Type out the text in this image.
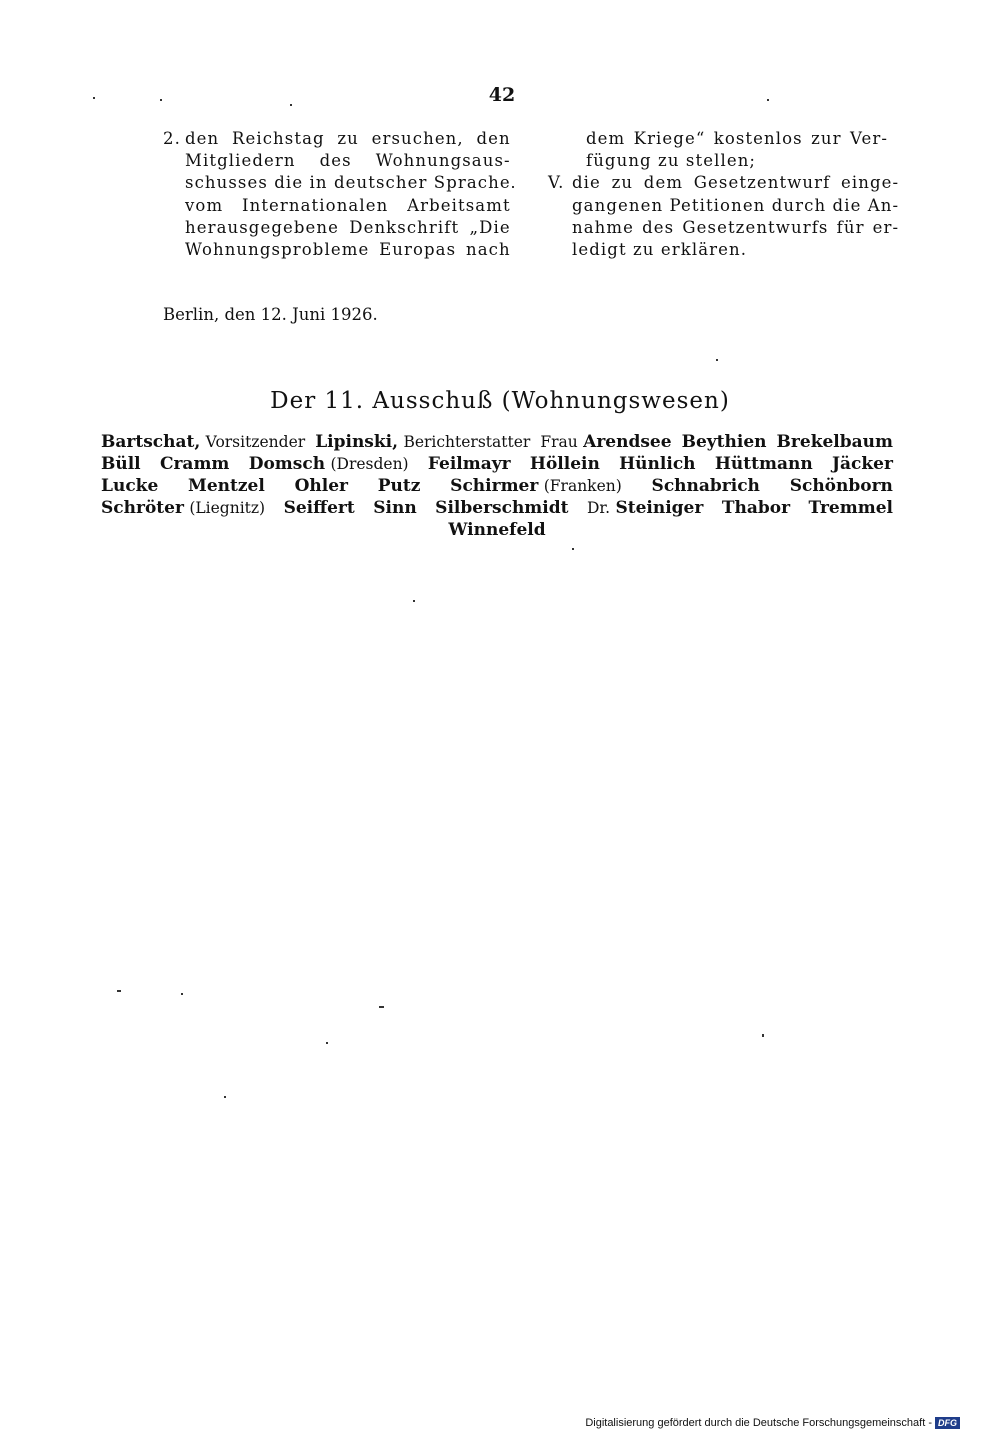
42
2. den Reichstag zu ersuchen, den
Mitgliedern des Wohnungsaus-
schusses die in deutscher Sprache
vom Internationalen Arbeitsamt
herausgegebene Denkschrift „Die
Wohnungsprobleme Europas nach
dem Kriege“ kostenlos zur Ver-
fügung zu stellen;
V. die zu dem Gesetzentwurf einge-
gangenen Petitionen durch die An-
nahme des Gesetzentwurfs für er-
ledigt zu erklären.
Berlin, den 12. Juni 1926.
Der 11. Ausschuß (Wohnungswesen)
Bartschat, Vorsitzender Lipinski, Berichterstatter Frau Arendsee Beythien Brekelbaum
Büll Cramm Domsch (Dresden) Feilmayr Höllein Hünlich Hüttmann Jäcker
Lucke Mentzel Ohler Putz Schirmer (Franken) Schnabrich Schönborn
Schröter (Liegnitz) Seiffert Sinn Silberschmidt Dr. Steiniger Thabor Tremmel
Winnefeld
Digitalisierung gefördert durch die Deutsche Forschungsgemeinschaft - DFG
